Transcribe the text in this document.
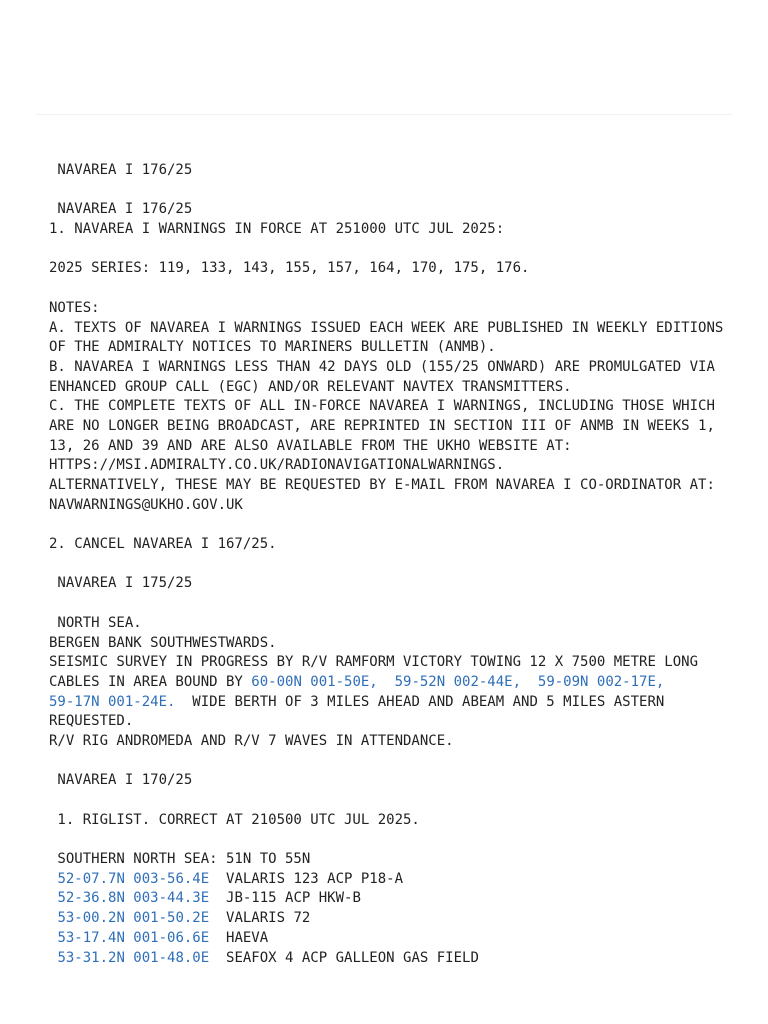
NAVAREA I 176/25
NAVAREA I 176/25
1. NAVAREA I WARNINGS IN FORCE AT 251000 UTC JUL 2025:
2025 SERIES: 119, 133, 143, 155, 157, 164, 170, 175, 176.
NOTES:
A. TEXTS OF NAVAREA I WARNINGS ISSUED EACH WEEK ARE PUBLISHED IN WEEKLY EDITIONS
OF THE ADMIRALTY NOTICES TO MARINERS BULLETIN (ANMB).
B. NAVAREA I WARNINGS LESS THAN 42 DAYS OLD (155/25 ONWARD) ARE PROMULGATED VIA
ENHANCED GROUP CALL (EGC) AND/OR RELEVANT NAVTEX TRANSMITTERS.
C. THE COMPLETE TEXTS OF ALL IN-FORCE NAVAREA I WARNINGS, INCLUDING THOSE WHICH
ARE NO LONGER BEING BROADCAST, ARE REPRINTED IN SECTION III OF ANMB IN WEEKS 1,
13, 26 AND 39 AND ARE ALSO AVAILABLE FROM THE UKHO WEBSITE AT:
HTTPS://MSI.ADMIRALTY.CO.UK/RADIONAVIGATIONALWARNINGS.
ALTERNATIVELY, THESE MAY BE REQUESTED BY E-MAIL FROM NAVAREA I CO-ORDINATOR AT:
NAVWARNINGS@UKHO.GOV.UK
2. CANCEL NAVAREA I 167/25.
NAVAREA I 175/25
NORTH SEA.
BERGEN BANK SOUTHWESTWARDS.
SEISMIC SURVEY IN PROGRESS BY R/V RAMFORM VICTORY TOWING 12 X 7500 METRE LONG
CABLES IN AREA BOUND BY 60-00N 001-50E, 59-52N 002-44E, 59-09N 002-17E,
59-17N 001-24E.  WIDE BERTH OF 3 MILES AHEAD AND ABEAM AND 5 MILES ASTERN
REQUESTED.
R/V RIG ANDROMEDA AND R/V 7 WAVES IN ATTENDANCE.
NAVAREA I 170/25
1. RIGLIST. CORRECT AT 210500 UTC JUL 2025.
SOUTHERN NORTH SEA: 51N TO 55N
52-07.7N 003-56.4E  VALARIS 123 ACP P18-A
52-36.8N 003-44.3E  JB-115 ACP HKW-B
53-00.2N 001-50.2E  VALARIS 72
53-17.4N 001-06.6E  HAEVA
53-31.2N 001-48.0E  SEAFOX 4 ACP GALLEON GAS FIELD
